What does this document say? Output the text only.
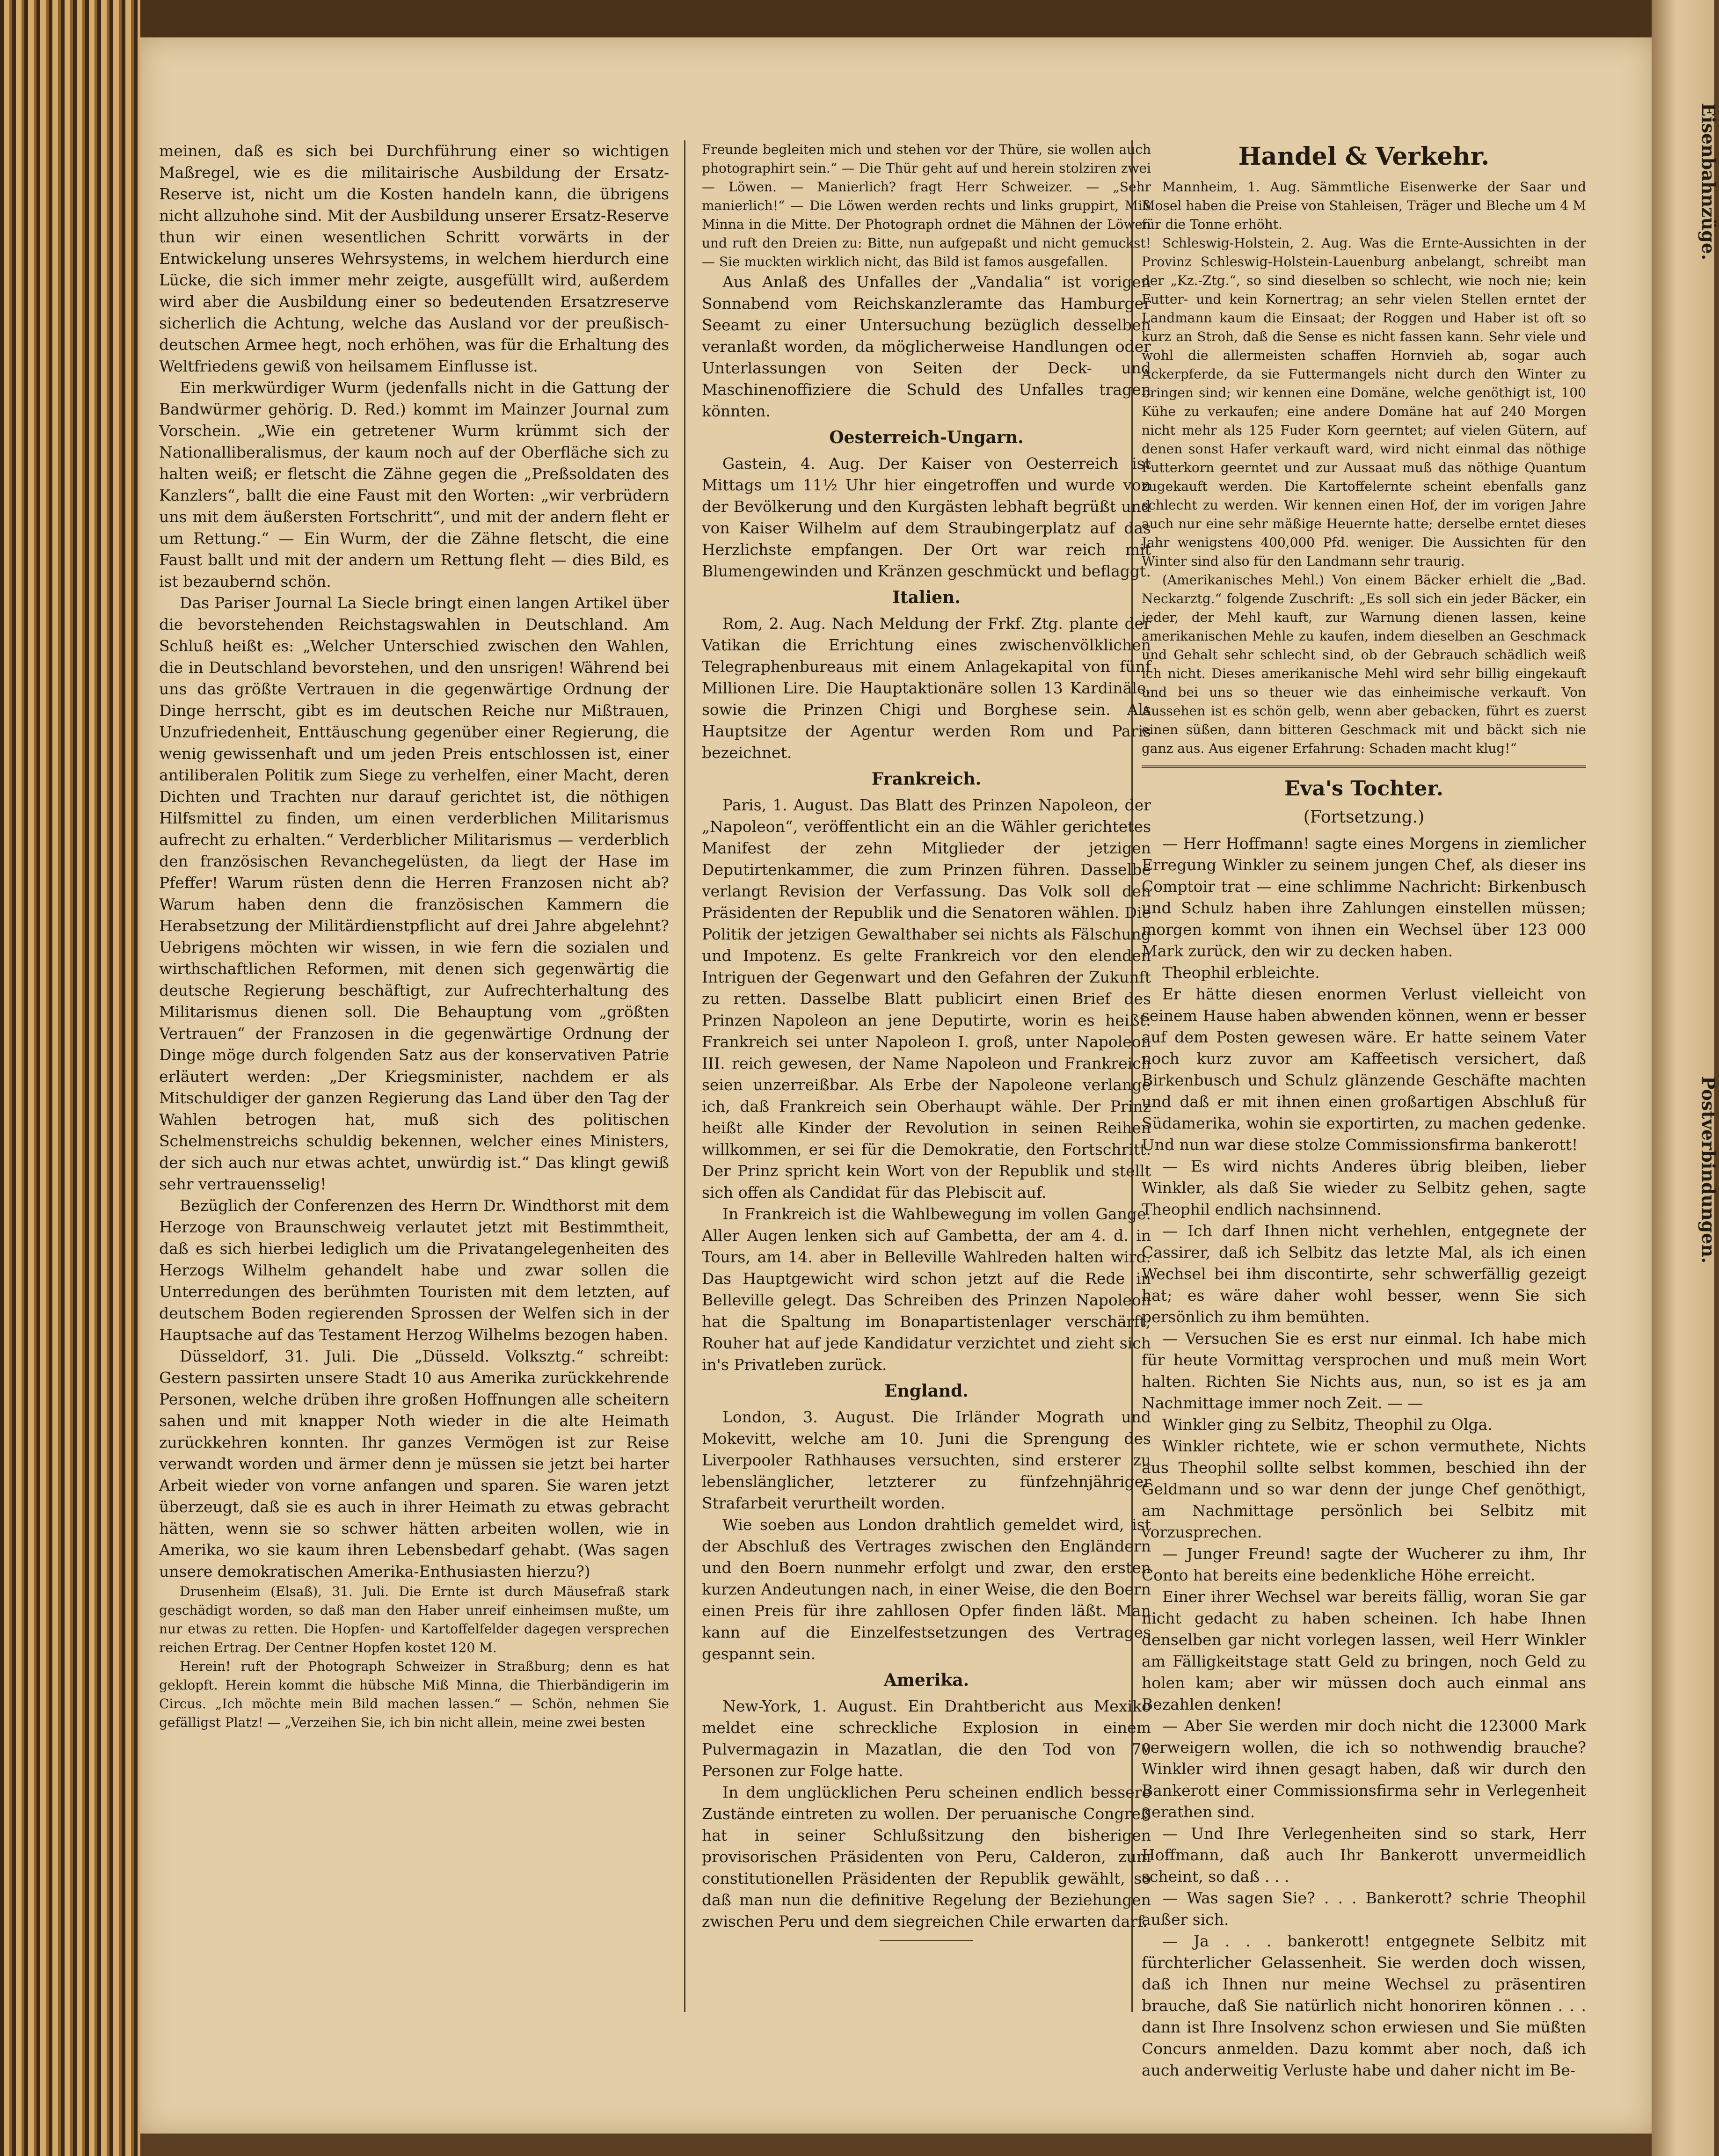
meinen, daß es sich bei Durchführung einer so wichtigen Maßregel, wie es die militairische Ausbildung der Ersatz-Reserve ist, nicht um die Kosten handeln kann, die übrigens nicht allzuhohe sind. Mit der Ausbildung unserer Ersatz-Reserve thun wir einen wesentlichen Schritt vorwärts in der Entwickelung unseres Wehrsystems, in welchem hierdurch eine Lücke, die sich immer mehr zeigte, ausgefüllt wird, außerdem wird aber die Ausbildung einer so bedeutenden Ersatzreserve sicherlich die Achtung, welche das Ausland vor der preußisch-deutschen Armee hegt, noch erhöhen, was für die Erhaltung des Weltfriedens gewiß von heilsamem Einflusse ist.

Ein merkwürdiger Wurm (jedenfalls nicht in die Gattung der Bandwürmer gehörig. D. Red.) kommt im Mainzer Journal zum Vorschein. „Wie ein getretener Wurm krümmt sich der Nationalliberalismus, der kaum noch auf der Oberfläche sich zu halten weiß; er fletscht die Zähne gegen die „Preßsoldaten des Kanzlers“, ballt die eine Faust mit den Worten: „wir verbrüdern uns mit dem äußersten Fortschritt“, und mit der andern fleht er um Rettung.“ — Ein Wurm, der die Zähne fletscht, die eine Faust ballt und mit der andern um Rettung fleht — dies Bild, es ist bezaubernd schön.

Das Pariser Journal La Siecle bringt einen langen Artikel über die bevorstehenden Reichstagswahlen in Deutschland. Am Schluß heißt es: „Welcher Unterschied zwischen den Wahlen, die in Deutschland bevorstehen, und den unsrigen! Während bei uns das größte Vertrauen in die gegenwärtige Ordnung der Dinge herrscht, gibt es im deutschen Reiche nur Mißtrauen, Unzufriedenheit, Enttäuschung gegenüber einer Regierung, die wenig gewissenhaft und um jeden Preis entschlossen ist, einer antiliberalen Politik zum Siege zu verhelfen, einer Macht, deren Dichten und Trachten nur darauf gerichtet ist, die nöthigen Hilfsmittel zu finden, um einen verderblichen Militarismus aufrecht zu erhalten.“ Verderblicher Militarismus — verderblich den französischen Revanchegelüsten, da liegt der Hase im Pfeffer! Warum rüsten denn die Herren Franzosen nicht ab? Warum haben denn die französischen Kammern die Herabsetzung der Militärdienstpflicht auf drei Jahre abgelehnt? Uebrigens möchten wir wissen, in wie fern die sozialen und wirthschaftlichen Reformen, mit denen sich gegenwärtig die deutsche Regierung beschäftigt, zur Aufrechterhaltung des Militarismus dienen soll. Die Behauptung vom „größten Vertrauen“ der Franzosen in die gegenwärtige Ordnung der Dinge möge durch folgenden Satz aus der konservativen Patrie erläutert werden: „Der Kriegsminister, nachdem er als Mitschuldiger der ganzen Regierung das Land über den Tag der Wahlen betrogen hat, muß sich des politischen Schelmenstreichs schuldig bekennen, welcher eines Ministers, der sich auch nur etwas achtet, unwürdig ist.“ Das klingt gewiß sehr vertrauensselig!

Bezüglich der Conferenzen des Herrn Dr. Windthorst mit dem Herzoge von Braunschweig verlautet jetzt mit Bestimmtheit, daß es sich hierbei lediglich um die Privatangelegenheiten des Herzogs Wilhelm gehandelt habe und zwar sollen die Unterredungen des berühmten Touristen mit dem letzten, auf deutschem Boden regierenden Sprossen der Welfen sich in der Hauptsache auf das Testament Herzog Wilhelms bezogen haben.

Düsseldorf, 31. Juli. Die „Düsseld. Volksztg.“ schreibt: Gestern passirten unsere Stadt 10 aus Amerika zurückkehrende Personen, welche drüben ihre großen Hoffnungen alle scheitern sahen und mit knapper Noth wieder in die alte Heimath zurückkehren konnten. Ihr ganzes Vermögen ist zur Reise verwandt worden und ärmer denn je müssen sie jetzt bei harter Arbeit wieder von vorne anfangen und sparen. Sie waren jetzt überzeugt, daß sie es auch in ihrer Heimath zu etwas gebracht hätten, wenn sie so schwer hätten arbeiten wollen, wie in Amerika, wo sie kaum ihren Lebensbedarf gehabt. (Was sagen unsere demokratischen Amerika-Enthusiasten hierzu?)

Drusenheim (Elsaß), 31. Juli. Die Ernte ist durch Mäusefraß stark geschädigt worden, so daß man den Haber unreif einheimsen mußte, um nur etwas zu retten. Die Hopfen- und Kartoffelfelder dagegen versprechen reichen Ertrag. Der Centner Hopfen kostet 120 M.

Herein! ruft der Photograph Schweizer in Straßburg; denn es hat geklopft. Herein kommt die hübsche Miß Minna, die Thierbändigerin im Circus. „Ich möchte mein Bild machen lassen.“ — Schön, nehmen Sie gefälligst Platz! — „Verzeihen Sie, ich bin nicht allein, meine zwei besten

Freunde begleiten mich und stehen vor der Thüre, sie wollen auch photographirt sein.“ — Die Thür geht auf und herein stolziren zwei — Löwen. — Manierlich? fragt Herr Schweizer. — „Sehr manierlich!“ — Die Löwen werden rechts und links gruppirt, Miß Minna in die Mitte. Der Photograph ordnet die Mähnen der Löwen und ruft den Dreien zu: Bitte, nun aufgepaßt und nicht gemuckst! — Sie muckten wirklich nicht, das Bild ist famos ausgefallen.

Aus Anlaß des Unfalles der „Vandalia“ ist vorigen Sonnabend vom Reichskanzleramte das Hamburger Seeamt zu einer Untersuchung bezüglich desselben veranlaßt worden, da möglicherweise Handlungen oder Unterlassungen von Seiten der Deck- und Maschinenoffiziere die Schuld des Unfalles tragen könnten.

Oesterreich-Ungarn.

Gastein, 4. Aug. Der Kaiser von Oesterreich ist Mittags um 11½ Uhr hier eingetroffen und wurde von der Bevölkerung und den Kurgästen lebhaft begrüßt und von Kaiser Wilhelm auf dem Straubingerplatz auf das Herzlichste empfangen. Der Ort war reich mit Blumengewinden und Kränzen geschmückt und beflaggt.

Italien.

Rom, 2. Aug. Nach Meldung der Frkf. Ztg. plante der Vatikan die Errichtung eines zwischenvölklichen Telegraphenbureaus mit einem Anlagekapital von fünf Millionen Lire. Die Hauptaktionäre sollen 13 Kardinäle, sowie die Prinzen Chigi und Borghese sein. Als Hauptsitze der Agentur werden Rom und Paris bezeichnet.

Frankreich.

Paris, 1. August. Das Blatt des Prinzen Napoleon, der „Napoleon“, veröffentlicht ein an die Wähler gerichtetes Manifest der zehn Mitglieder der jetzigen Deputirtenkammer, die zum Prinzen führen. Dasselbe verlangt Revision der Verfassung. Das Volk soll den Präsidenten der Republik und die Senatoren wählen. Die Politik der jetzigen Gewalthaber sei nichts als Fälschung und Impotenz. Es gelte Frankreich vor den elenden Intriguen der Gegenwart und den Gefahren der Zukunft zu retten. Dasselbe Blatt publicirt einen Brief des Prinzen Napoleon an jene Deputirte, worin es heißt: Frankreich sei unter Napoleon I. groß, unter Napoleon III. reich gewesen, der Name Napoleon und Frankreich seien unzerreißbar. Als Erbe der Napoleone verlange ich, daß Frankreich sein Oberhaupt wähle. Der Prinz heißt alle Kinder der Revolution in seinen Reihen willkommen, er sei für die Demokratie, den Fortschritt. Der Prinz spricht kein Wort von der Republik und stellt sich offen als Candidat für das Plebiscit auf.

In Frankreich ist die Wahlbewegung im vollen Gange. Aller Augen lenken sich auf Gambetta, der am 4. d. in Tours, am 14. aber in Belleville Wahlreden halten wird. Das Hauptgewicht wird schon jetzt auf die Rede in Belleville gelegt. Das Schreiben des Prinzen Napoleon hat die Spaltung im Bonapartistenlager verschärft; Rouher hat auf jede Kandidatur verzichtet und zieht sich in's Privatleben zurück.

England.

London, 3. August. Die Irländer Mograth und Mokevitt, welche am 10. Juni die Sprengung des Liverpooler Rathhauses versuchten, sind ersterer zu lebenslänglicher, letzterer zu fünfzehnjähriger Strafarbeit verurtheilt worden.

Wie soeben aus London drahtlich gemeldet wird, ist der Abschluß des Vertrages zwischen den Engländern und den Boern nunmehr erfolgt und zwar, den ersten kurzen Andeutungen nach, in einer Weise, die den Boern einen Preis für ihre zahllosen Opfer finden läßt. Man kann auf die Einzelfestsetzungen des Vertrages gespannt sein.

Amerika.

New-York, 1. August. Ein Drahtbericht aus Mexiko meldet eine schreckliche Explosion in einem Pulvermagazin in Mazatlan, die den Tod von 70 Personen zur Folge hatte.

In dem unglücklichen Peru scheinen endlich bessere Zustände eintreten zu wollen. Der peruanische Congreß hat in seiner Schlußsitzung den bisherigen provisorischen Präsidenten von Peru, Calderon, zum constitutionellen Präsidenten der Republik gewählt, so daß man nun die definitive Regelung der Beziehungen zwischen Peru und dem siegreichen Chile erwarten darf.

Handel & Verkehr.

Mannheim, 1. Aug. Sämmtliche Eisenwerke der Saar und Mosel haben die Preise von Stahleisen, Träger und Bleche um 4 M für die Tonne erhöht.

Schleswig-Holstein, 2. Aug. Was die Ernte-Aussichten in der Provinz Schleswig-Holstein-Lauenburg anbelangt, schreibt man der „Kz.-Ztg.“, so sind dieselben so schlecht, wie noch nie; kein Futter- und kein Kornertrag; an sehr vielen Stellen erntet der Landmann kaum die Einsaat; der Roggen und Haber ist oft so kurz an Stroh, daß die Sense es nicht fassen kann. Sehr viele und wohl die allermeisten schaffen Hornvieh ab, sogar auch Ackerpferde, da sie Futtermangels nicht durch den Winter zu bringen sind; wir kennen eine Domäne, welche genöthigt ist, 100 Kühe zu verkaufen; eine andere Domäne hat auf 240 Morgen nicht mehr als 125 Fuder Korn geerntet; auf vielen Gütern, auf denen sonst Hafer verkauft ward, wird nicht einmal das nöthige Futterkorn geerntet und zur Aussaat muß das nöthige Quantum zugekauft werden. Die Kartoffelernte scheint ebenfalls ganz schlecht zu werden. Wir kennen einen Hof, der im vorigen Jahre auch nur eine sehr mäßige Heuernte hatte; derselbe erntet dieses Jahr wenigstens 400,000 Pfd. weniger. Die Aussichten für den Winter sind also für den Landmann sehr traurig.

(Amerikanisches Mehl.) Von einem Bäcker erhielt die „Bad. Neckarztg.“ folgende Zuschrift: „Es soll sich ein jeder Bäcker, ein jeder, der Mehl kauft, zur Warnung dienen lassen, keine amerikanischen Mehle zu kaufen, indem dieselben an Geschmack und Gehalt sehr schlecht sind, ob der Gebrauch schädlich weiß ich nicht. Dieses amerikanische Mehl wird sehr billig eingekauft und bei uns so theuer wie das einheimische verkauft. Von Aussehen ist es schön gelb, wenn aber gebacken, führt es zuerst einen süßen, dann bitteren Geschmack mit und bäckt sich nie ganz aus. Aus eigener Erfahrung: Schaden macht klug!“

Eva's Tochter.
(Fortsetzung.)

— Herr Hoffmann! sagte eines Morgens in ziemlicher Erregung Winkler zu seinem jungen Chef, als dieser ins Comptoir trat — eine schlimme Nachricht: Birkenbusch und Schulz haben ihre Zahlungen einstellen müssen; morgen kommt von ihnen ein Wechsel über 123 000 Mark zurück, den wir zu decken haben.

Theophil erbleichte.

Er hätte diesen enormen Verlust vielleicht von seinem Hause haben abwenden können, wenn er besser auf dem Posten gewesen wäre. Er hatte seinem Vater noch kurz zuvor am Kaffeetisch versichert, daß Birkenbusch und Schulz glänzende Geschäfte machten und daß er mit ihnen einen großartigen Abschluß für Südamerika, wohin sie exportirten, zu machen gedenke. Und nun war diese stolze Commissionsfirma bankerott!

— Es wird nichts Anderes übrig bleiben, lieber Winkler, als daß Sie wieder zu Selbitz gehen, sagte Theophil endlich nachsinnend.

— Ich darf Ihnen nicht verhehlen, entgegnete der Cassirer, daß ich Selbitz das letzte Mal, als ich einen Wechsel bei ihm discontirte, sehr schwerfällig gezeigt hat; es wäre daher wohl besser, wenn Sie sich persönlich zu ihm bemühten.

— Versuchen Sie es erst nur einmal. Ich habe mich für heute Vormittag versprochen und muß mein Wort halten. Richten Sie Nichts aus, nun, so ist es ja am Nachmittage immer noch Zeit. — —

Winkler ging zu Selbitz, Theophil zu Olga.

Winkler richtete, wie er schon vermuthete, Nichts aus Theophil sollte selbst kommen, beschied ihn der Geldmann und so war denn der junge Chef genöthigt, am Nachmittage persönlich bei Selbitz mit vorzusprechen.

— Junger Freund! sagte der Wucherer zu ihm, Ihr Conto hat bereits eine bedenkliche Höhe erreicht.

Einer ihrer Wechsel war bereits fällig, woran Sie gar nicht gedacht zu haben scheinen. Ich habe Ihnen denselben gar nicht vorlegen lassen, weil Herr Winkler am Fälligkeitstage statt Geld zu bringen, noch Geld zu holen kam; aber wir müssen doch auch einmal ans Bezahlen denken!

— Aber Sie werden mir doch nicht die 123000 Mark verweigern wollen, die ich so nothwendig brauche? Winkler wird ihnen gesagt haben, daß wir durch den Bankerott einer Commissionsfirma sehr in Verlegenheit gerathen sind.

— Und Ihre Verlegenheiten sind so stark, Herr Hoffmann, daß auch Ihr Bankerott unvermeidlich scheint, so daß . . .

— Was sagen Sie? . . . Bankerott? schrie Theophil außer sich.

— Ja . . . bankerott! entgegnete Selbitz mit fürchterlicher Gelassenheit. Sie werden doch wissen, daß ich Ihnen nur meine Wechsel zu präsentiren brauche, daß Sie natürlich nicht honoriren können . . . dann ist Ihre Insolvenz schon erwiesen und Sie müßten Concurs anmelden. Dazu kommt aber noch, daß ich auch anderweitig Verluste habe und daher nicht im Be-

Eisenbahnzüge.
Postverbindungen.
